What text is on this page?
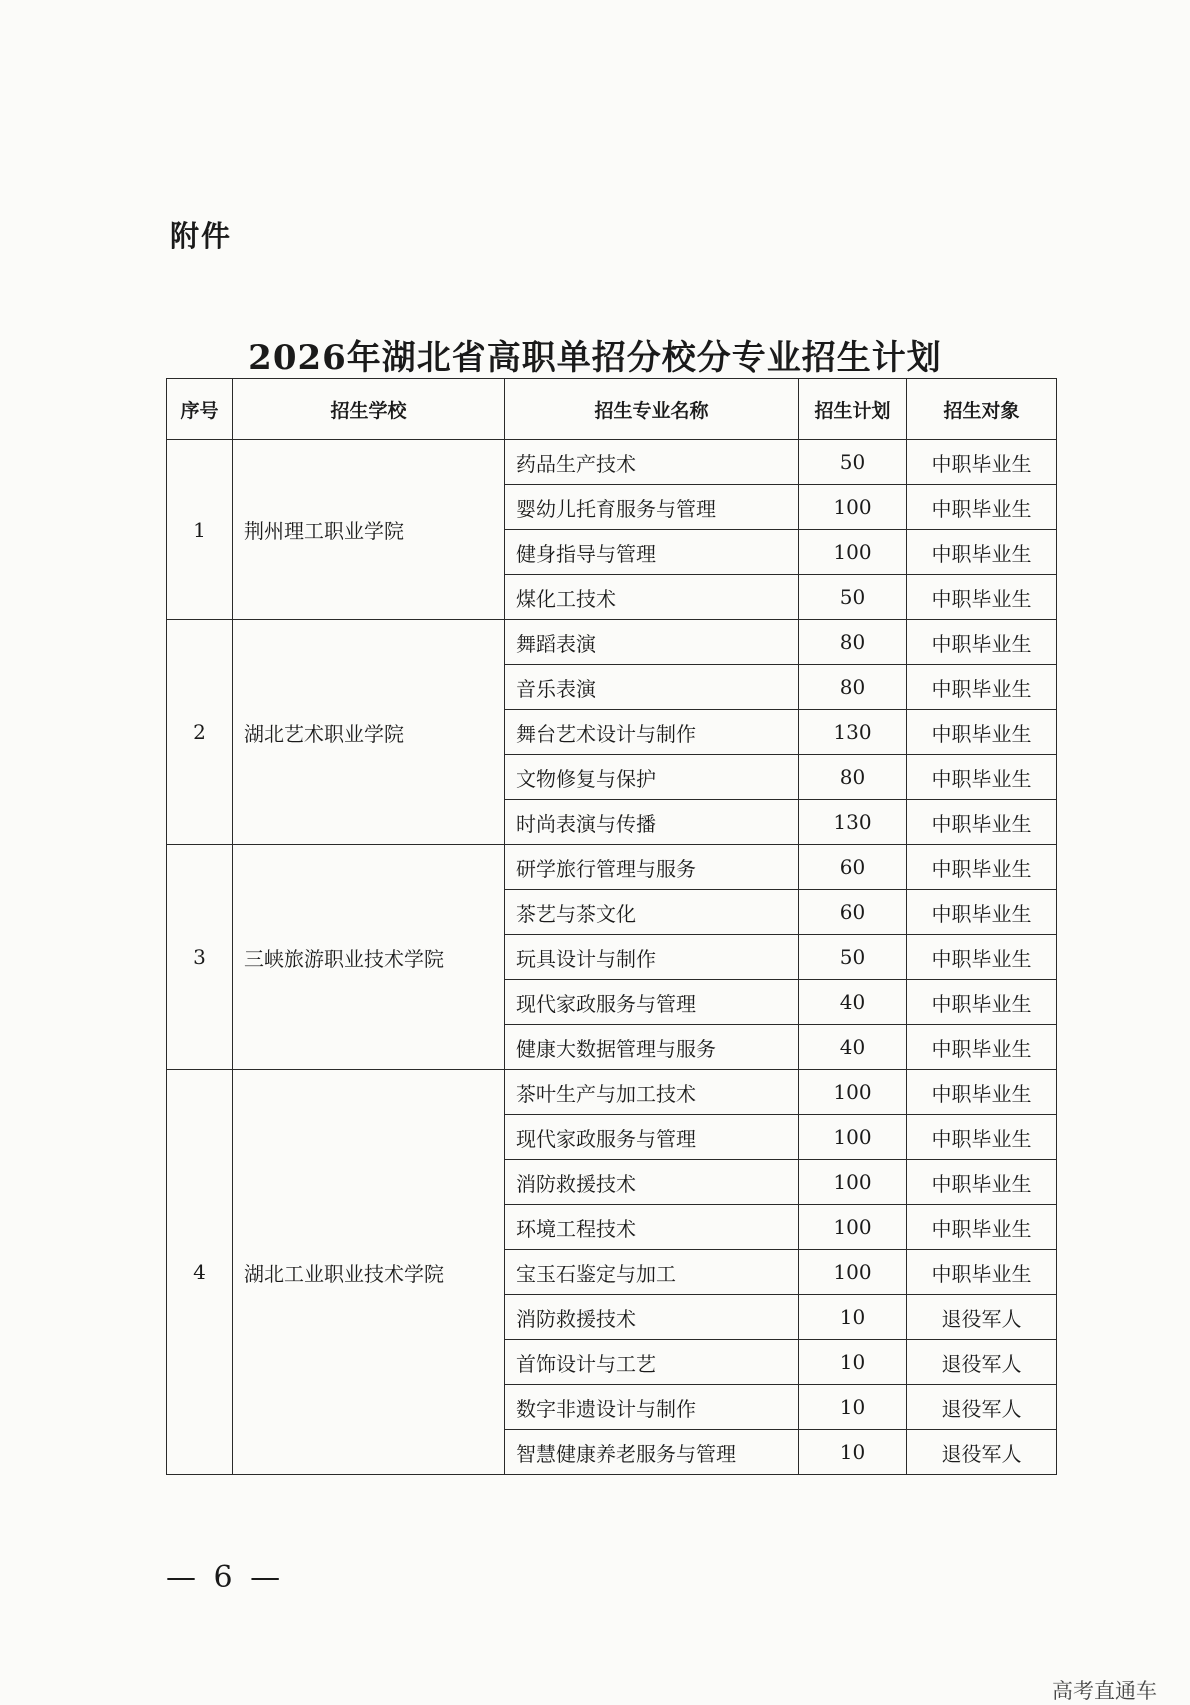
附件
2026年湖北省高职单招分校分专业招生计划
序号	招生学校	招生专业名称	招生计划	招生对象
1	荆州理工职业学院	药品生产技术	50	中职毕业生
		婴幼儿托育服务与管理	100	中职毕业生
		健身指导与管理	100	中职毕业生
		煤化工技术	50	中职毕业生
2	湖北艺术职业学院	舞蹈表演	80	中职毕业生
		音乐表演	80	中职毕业生
		舞台艺术设计与制作	130	中职毕业生
		文物修复与保护	80	中职毕业生
		时尚表演与传播	130	中职毕业生
3	三峡旅游职业技术学院	研学旅行管理与服务	60	中职毕业生
		茶艺与茶文化	60	中职毕业生
		玩具设计与制作	50	中职毕业生
		现代家政服务与管理	40	中职毕业生
		健康大数据管理与服务	40	中职毕业生
4	湖北工业职业技术学院	茶叶生产与加工技术	100	中职毕业生
		现代家政服务与管理	100	中职毕业生
		消防救援技术	100	中职毕业生
		环境工程技术	100	中职毕业生
		宝玉石鉴定与加工	100	中职毕业生
		消防救援技术	10	退役军人
		首饰设计与工艺	10	退役军人
		数字非遗设计与制作	10	退役军人
		智慧健康养老服务与管理	10	退役军人
— 6 —
高考直通车
